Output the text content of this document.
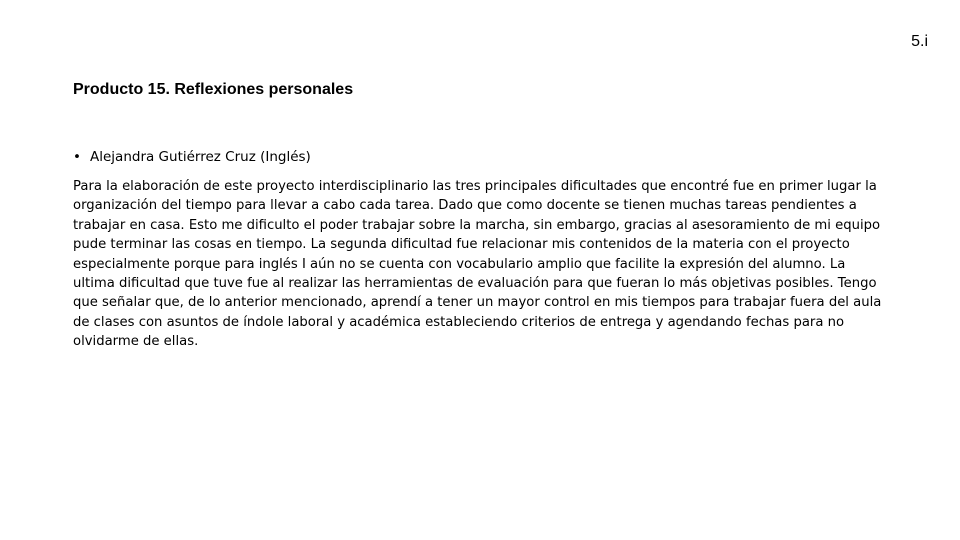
5.i
Producto 15. Reflexiones personales

• Alejandra Gutiérrez Cruz (Inglés)

Para la elaboración de este proyecto interdisciplinario las tres principales dificultades que encontré fue en primer lugar la organización del tiempo para llevar a cabo cada tarea. Dado que como docente se tienen muchas tareas pendientes a trabajar en casa. Esto me dificulto el poder trabajar sobre la marcha, sin embargo, gracias al asesoramiento de mi equipo pude terminar las cosas en tiempo. La segunda dificultad fue relacionar mis contenidos de la materia con el proyecto especialmente porque para inglés I aún no se cuenta con vocabulario amplio que facilite la expresión del alumno. La ultima dificultad que tuve fue al realizar las herramientas de evaluación para que fueran lo más objetivas posibles. Tengo que señalar que, de lo anterior mencionado, aprendí a tener un mayor control en mis tiempos para trabajar fuera del aula de clases con asuntos de índole laboral y académica estableciendo criterios de entrega y agendando fechas para no olvidarme de ellas.
